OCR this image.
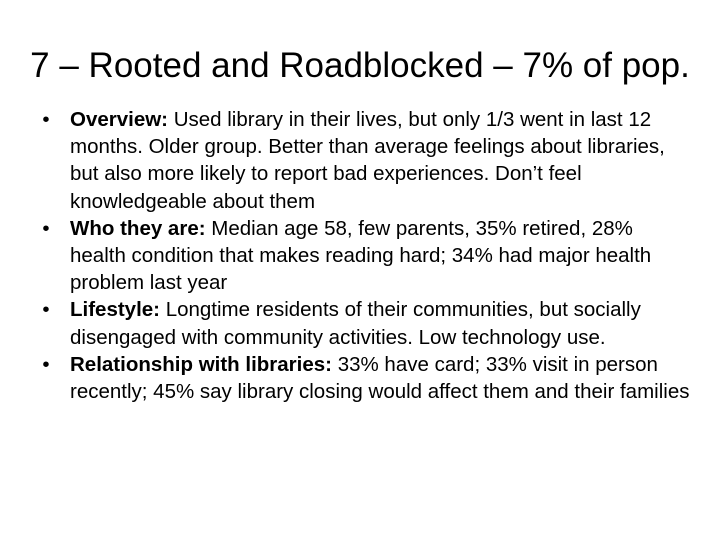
7 – Rooted and Roadblocked – 7% of pop.
• Overview: Used library in their lives, but only 1/3 went in last 12 months. Older group. Better than average feelings about libraries, but also more likely to report bad experiences. Don’t feel knowledgeable about them
• Who they are: Median age 58, few parents, 35% retired, 28% health condition that makes reading hard; 34% had major health problem last year
• Lifestyle: Longtime residents of their communities, but socially disengaged with community activities. Low technology use.
• Relationship with libraries: 33% have card; 33% visit in person recently; 45% say library closing would affect them and their families
